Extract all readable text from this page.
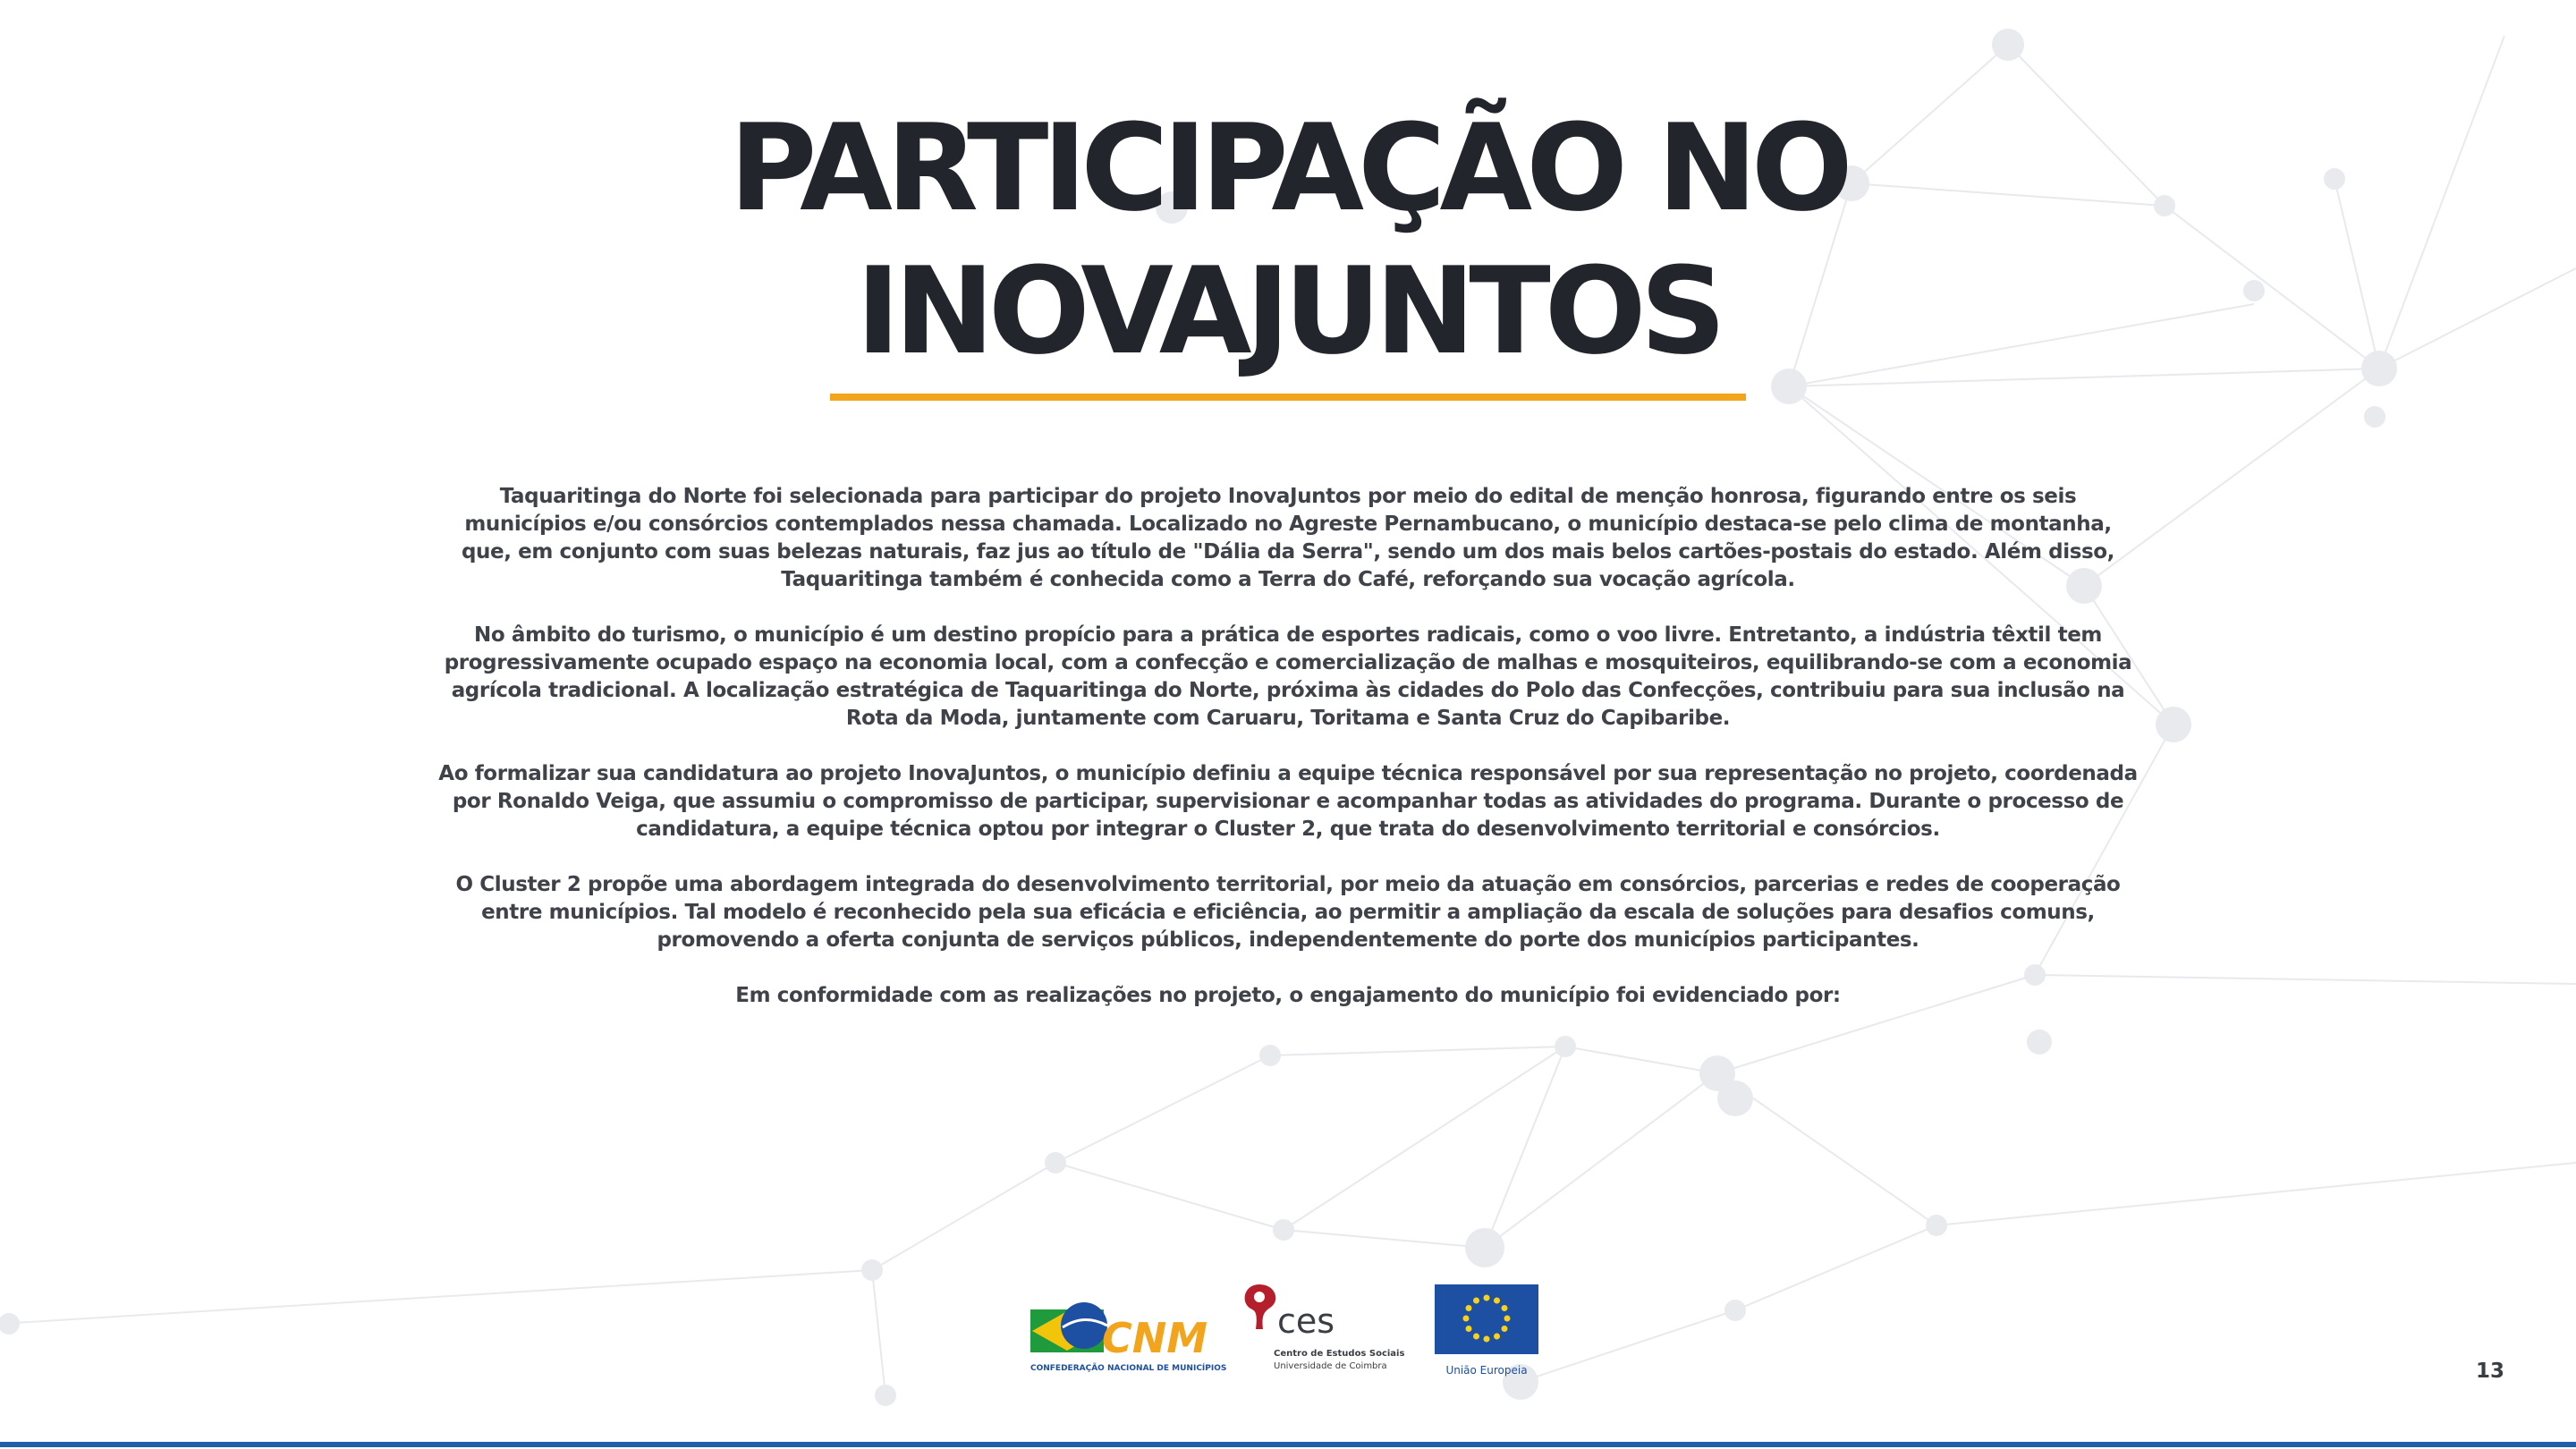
PARTICIPAÇÃO NO
INOVAJUNTOS

Taquaritinga do Norte foi selecionada para participar do projeto InovaJuntos por meio do edital de menção honrosa, figurando entre os seis municípios e/ou consórcios contemplados nessa chamada. Localizado no Agreste Pernambucano, o município destaca-se pelo clima de montanha, que, em conjunto com suas belezas naturais, faz jus ao título de "Dália da Serra", sendo um dos mais belos cartões-postais do estado. Além disso, Taquaritinga também é conhecida como a Terra do Café, reforçando sua vocação agrícola.

No âmbito do turismo, o município é um destino propício para a prática de esportes radicais, como o voo livre. Entretanto, a indústria têxtil tem progressivamente ocupado espaço na economia local, com a confecção e comercialização de malhas e mosquiteiros, equilibrando-se com a economia agrícola tradicional. A localização estratégica de Taquaritinga do Norte, próxima às cidades do Polo das Confecções, contribuiu para sua inclusão na Rota da Moda, juntamente com Caruaru, Toritama e Santa Cruz do Capibaribe.

Ao formalizar sua candidatura ao projeto InovaJuntos, o município definiu a equipe técnica responsável por sua representação no projeto, coordenada por Ronaldo Veiga, que assumiu o compromisso de participar, supervisionar e acompanhar todas as atividades do programa. Durante o processo de candidatura, a equipe técnica optou por integrar o Cluster 2, que trata do desenvolvimento territorial e consórcios.

O Cluster 2 propõe uma abordagem integrada do desenvolvimento territorial, por meio da atuação em consórcios, parcerias e redes de cooperação entre municípios. Tal modelo é reconhecido pela sua eficácia e eficiência, ao permitir a ampliação da escala de soluções para desafios comuns, promovendo a oferta conjunta de serviços públicos, independentemente do porte dos municípios participantes.

Em conformidade com as realizações no projeto, o engajamento do município foi evidenciado por:

CNM
CONFEDERAÇÃO NACIONAL DE MUNICÍPIOS
ces
Centro de Estudos Sociais
Universidade de Coimbra	União Europeia	13
